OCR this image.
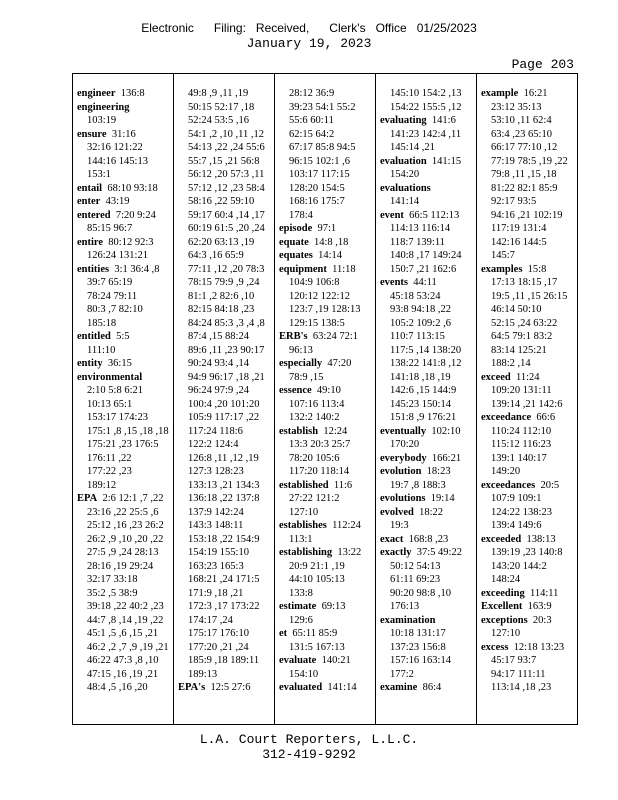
Electronic      Filing:   Received,      Clerk's   Office   01/25/2023
January 19, 2023
Page 203
engineer 136:8
engineering
103:19
ensure 31:16
32:16 121:22
144:16 145:13
153:1
entail 68:10 93:18
enter 43:19
entered 7:20 9:24
85:15 96:7
entire 80:12 92:3
126:24 131:21
entities 3:1 36:4 ,8
39:7 65:19
78:24 79:11
80:3 ,7 82:10
185:18
entitled 5:5
111:10
entity 36:15
environmental
2:10 5:8 6:21
10:13 65:1
153:17 174:23
175:1 ,8 ,15 ,18 ,18
175:21 ,23 176:5
176:11 ,22
177:22 ,23
189:12
EPA 2:6 12:1 ,7 ,22
23:16 ,22 25:5 ,6
25:12 ,16 ,23 26:2
26:2 ,9 ,10 ,20 ,22
27:5 ,9 ,24 28:13
28:16 ,19 29:24
32:17 33:18
35:2 ,5 38:9
39:18 ,22 40:2 ,23
44:7 ,8 ,14 ,19 ,22
45:1 ,5 ,6 ,15 ,21
46:2 ,2 ,7 ,9 ,19 ,21
46:22 47:3 ,8 ,10
47:15 ,16 ,19 ,21
48:4 ,5 ,16 ,20
49:8 ,9 ,11 ,19
50:15 52:17 ,18
52:24 53:5 ,16
54:1 ,2 ,10 ,11 ,12
54:13 ,22 ,24 55:6
55:7 ,15 ,21 56:8
56:12 ,20 57:3 ,11
57:12 ,12 ,23 58:4
58:16 ,22 59:10
59:17 60:4 ,14 ,17
60:19 61:5 ,20 ,24
62:20 63:13 ,19
64:3 ,16 65:9
77:11 ,12 ,20 78:3
78:15 79:9 ,9 ,24
81:1 ,2 82:6 ,10
82:15 84:18 ,23
84:24 85:3 ,3 ,4 ,8
87:4 ,15 88:24
89:6 ,11 ,23 90:17
90:24 93:4 ,14
94:9 96:17 ,18 ,21
96:24 97:9 ,24
100:4 ,20 101:20
105:9 117:17 ,22
117:24 118:6
122:2 124:4
126:8 ,11 ,12 ,19
127:3 128:23
133:13 ,21 134:3
136:18 ,22 137:8
137:9 142:24
143:3 148:11
153:18 ,22 154:9
154:19 155:10
163:23 165:3
168:21 ,24 171:5
171:9 ,18 ,21
172:3 ,17 173:22
174:17 ,24
175:17 176:10
177:20 ,21 ,24
185:9 ,18 189:11
189:13
EPA's 12:5 27:6
28:12 36:9
39:23 54:1 55:2
55:6 60:11
62:15 64:2
67:17 85:8 94:5
96:15 102:1 ,6
103:17 117:15
128:20 154:5
168:16 175:7
178:4
episode 97:1
equate 14:8 ,18
equates 14:14
equipment 11:18
104:9 106:8
120:12 122:12
123:7 ,19 128:13
129:15 138:5
ERB's 63:24 72:1
96:13
especially 47:20
78:9 ,15
essence 49:10
107:16 113:4
132:2 140:2
establish 12:24
13:3 20:3 25:7
78:20 105:6
117:20 118:14
established 11:6
27:22 121:2
127:10
establishes 112:24
113:1
establishing 13:22
20:9 21:1 ,19
44:10 105:13
133:8
estimate 69:13
129:6
et 65:11 85:9
131:5 167:13
evaluate 140:21
154:10
evaluated 141:14
145:10 154:2 ,13
154:22 155:5 ,12
evaluating 141:6
141:23 142:4 ,11
145:14 ,21
evaluation 141:15
154:20
evaluations
141:14
event 66:5 112:13
114:13 116:14
118:7 139:11
140:8 ,17 149:24
150:7 ,21 162:6
events 44:11
45:18 53:24
93:8 94:18 ,22
105:2 109:2 ,6
110:7 113:15
117:5 ,14 138:20
138:22 141:8 ,12
141:18 ,18 ,19
142:6 ,15 144:9
145:23 150:14
151:8 ,9 176:21
eventually 102:10
170:20
everybody 166:21
evolution 18:23
19:7 ,8 188:3
evolutions 19:14
evolved 18:22
19:3
exact 168:8 ,23
exactly 37:5 49:22
50:12 54:13
61:11 69:23
90:20 98:8 ,10
176:13
examination
10:18 131:17
137:23 156:8
157:16 163:14
177:2
examine 86:4
example 16:21
23:12 35:13
53:10 ,11 62:4
63:4 ,23 65:10
66:17 77:10 ,12
77:19 78:5 ,19 ,22
79:8 ,11 ,15 ,18
81:22 82:1 85:9
92:17 93:5
94:16 ,21 102:19
117:19 131:4
142:16 144:5
145:7
examples 15:8
17:13 18:15 ,17
19:5 ,11 ,15 26:15
46:14 50:10
52:15 ,24 63:22
64:5 79:1 83:2
83:14 125:21
188:2 ,14
exceed 11:24
109:20 131:11
139:14 ,21 142:6
exceedance 66:6
110:24 112:10
115:12 116:23
139:1 140:17
149:20
exceedances 20:5
107:9 109:1
124:22 138:23
139:4 149:6
exceeded 138:13
139:19 ,23 140:8
143:20 144:2
148:24
exceeding 114:11
Excellent 163:9
exceptions 20:3
127:10
excess 12:18 13:23
45:17 93:7
94:17 111:11
113:14 ,18 ,23
L.A. Court Reporters, L.L.C.
312-419-9292
